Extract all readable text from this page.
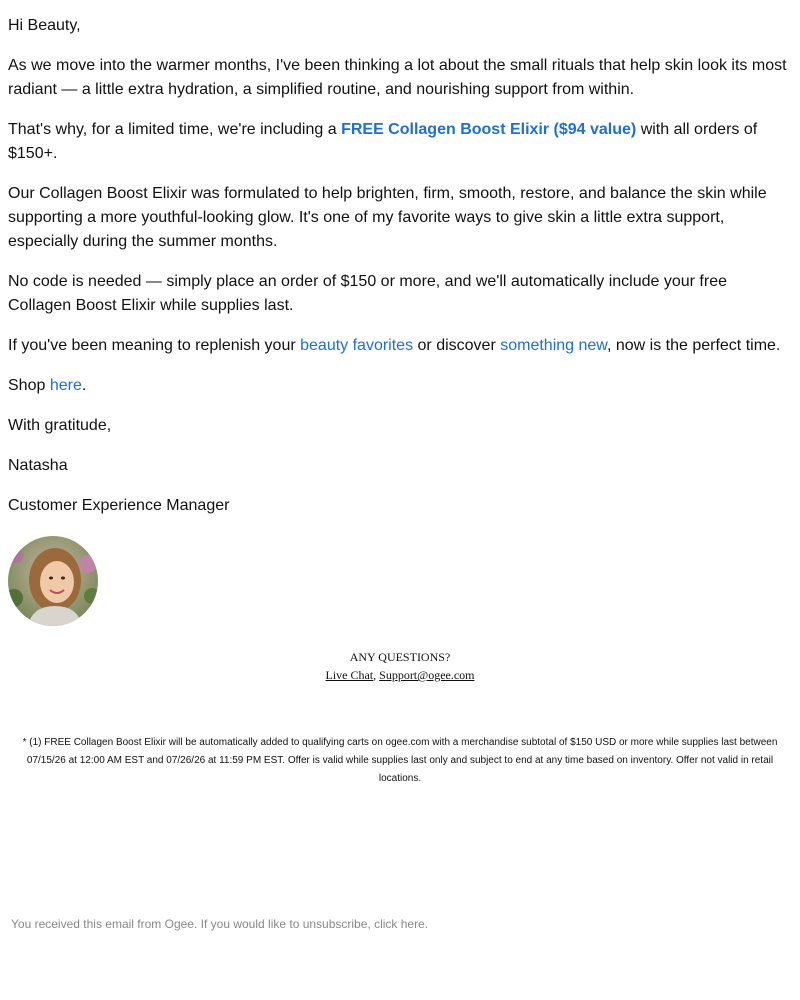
Hi Beauty,

As we move into the warmer months, I've been thinking a lot about the small rituals that help skin look its most radiant — a little extra hydration, a simplified routine, and nourishing support from within.

That's why, for a limited time, we're including a FREE Collagen Boost Elixir ($94 value) with all orders of $150+.

Our Collagen Boost Elixir was formulated to help brighten, firm, smooth, restore, and balance the skin while supporting a more youthful-looking glow. It's one of my favorite ways to give skin a little extra support, especially during the summer months.

No code is needed — simply place an order of $150 or more, and we'll automatically include your free Collagen Boost Elixir while supplies last.

If you've been meaning to replenish your beauty favorites or discover something new, now is the perfect time.

Shop here.

With gratitude,

Natasha

Customer Experience Manager

ANY QUESTIONS?
Live Chat, Support@ogee.com

* (1) FREE Collagen Boost Elixir will be automatically added to qualifying carts on ogee.com with a merchandise subtotal of $150 USD or more while supplies last between 07/15/26 at 12:00 AM EST and 07/26/26 at 11:59 PM EST. Offer is valid while supplies last only and subject to end at any time based on inventory. Offer not valid in retail locations.

You received this email from Ogee. If you would like to unsubscribe, click here.
